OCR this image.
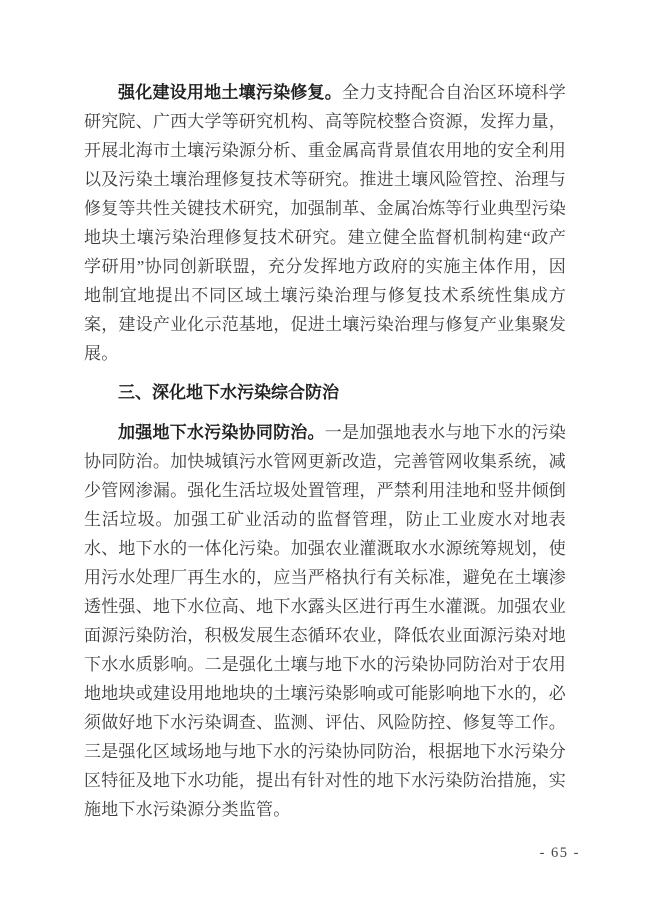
强化建设用地土壤污染修复。全力支持配合自治区环境科学研究院、广西大学等研究机构、高等院校整合资源，发挥力量，开展北海市土壤污染源分析、重金属高背景值农用地的安全利用以及污染土壤治理修复技术等研究。推进土壤风险管控、治理与修复等共性关键技术研究，加强制革、金属冶炼等行业典型污染地块土壤污染治理修复技术研究。建立健全监督机制构建“政产学研用”协同创新联盟，充分发挥地方政府的实施主体作用，因地制宜地提出不同区域土壤污染治理与修复技术系统性集成方案，建设产业化示范基地，促进土壤污染治理与修复产业集聚发展。

三、深化地下水污染综合防治

加强地下水污染协同防治。一是加强地表水与地下水的污染协同防治。加快城镇污水管网更新改造，完善管网收集系统，减少管网渗漏。强化生活垃圾处置管理，严禁利用洼地和竖井倾倒生活垃圾。加强工矿业活动的监督管理，防止工业废水对地表水、地下水的一体化污染。加强农业灌溉取水水源统筹规划，使用污水处理厂再生水的，应当严格执行有关标准，避免在土壤渗透性强、地下水位高、地下水露头区进行再生水灌溉。加强农业面源污染防治，积极发展生态循环农业，降低农业面源污染对地下水水质影响。二是强化土壤与地下水的污染协同防治对于农用地地块或建设用地地块的土壤污染影响或可能影响地下水的，必须做好地下水污染调查、监测、评估、风险防控、修复等工作。三是强化区域场地与地下水的污染协同防治，根据地下水污染分区特征及地下水功能，提出有针对性的地下水污染防治措施，实施地下水污染源分类监管。

- 65 -
